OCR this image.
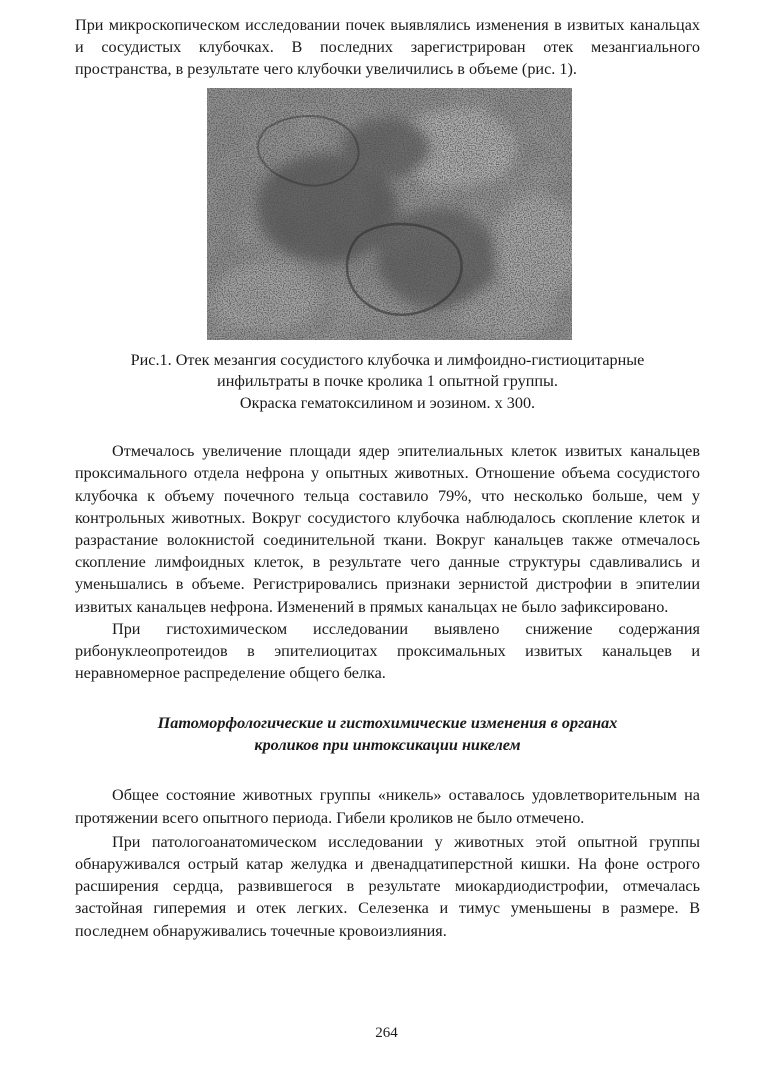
При микроскопическом исследовании почек выявлялись изменения в извитых канальцах и сосудистых клубочках. В последних зарегистрирован отек мезангиального пространства, в результате чего клубочки увеличились в объеме (рис. 1).

Рис.1. Отек мезангия сосудистого клубочка и лимфоидно-гистиоцитарные
инфильтраты в почке кролика 1 опытной группы.
Окраска гематоксилином и эозином. х 300.

Отмечалось увеличение площади ядер эпителиальных клеток извитых канальцев проксимального отдела нефрона у опытных животных. Отношение объема сосудистого клубочка к объему почечного тельца составило 79%, что несколько больше, чем у контрольных животных. Вокруг сосудистого клубочка наблюдалось скопление клеток и разрастание волокнистой соединительной ткани. Вокруг канальцев также отмечалось скопление лимфоидных клеток, в результате чего данные структуры сдавливались и уменьшались в объеме. Регистрировались признаки зернистой дистрофии в эпителии извитых канальцев нефрона. Изменений в прямых канальцах не было зафиксировано.

При гистохимическом исследовании выявлено снижение содержания рибонуклеопротеидов в эпителиоцитах проксимальных извитых канальцев и неравномерное распределение общего белка.

Патоморфологические и гистохимические изменения в органах
кроликов при интоксикации никелем

Общее состояние животных группы «никель» оставалось удовлетворительным на протяжении всего опытного периода. Гибели кроликов не было отмечено.

При патологоанатомическом исследовании у животных этой опытной группы обнаруживался острый катар желудка и двенадцатиперстной кишки. На фоне острого расширения сердца, развившегося в результате миокардиодистрофии, отмечалась застойная гиперемия и отек легких. Селезенка и тимус уменьшены в размере. В последнем обнаруживались точечные кровоизлияния.

264
